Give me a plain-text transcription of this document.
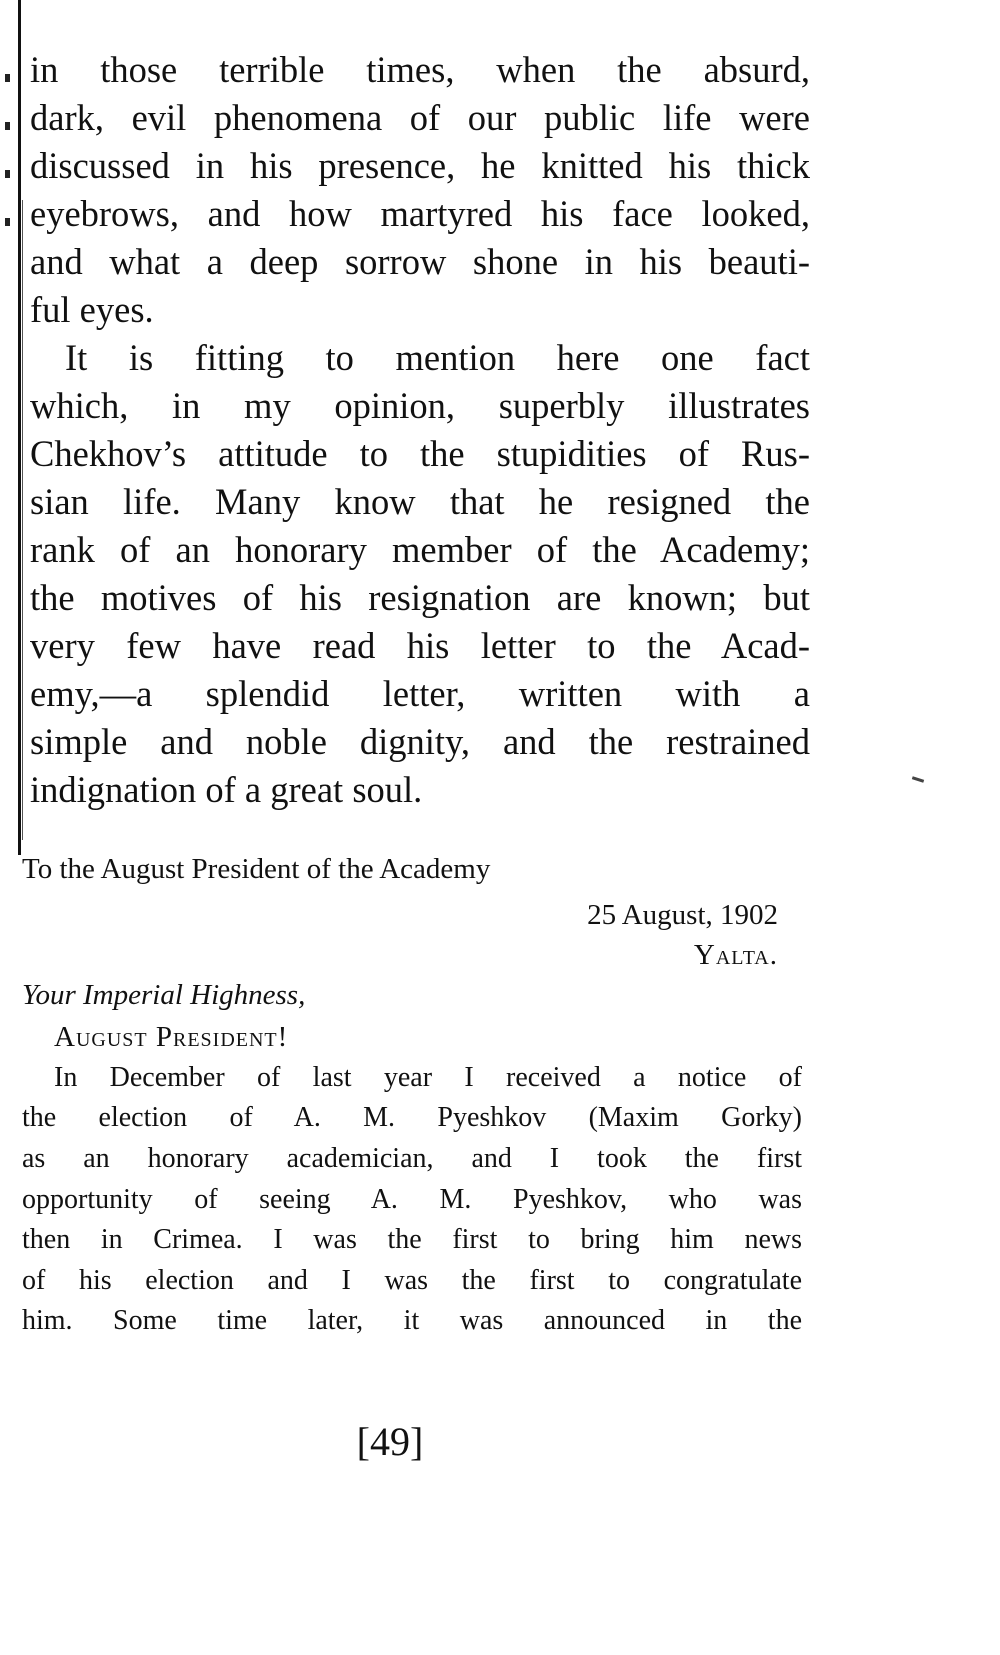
in those terrible times, when the absurd,
dark, evil phenomena of our public life were
discussed in his presence, he knitted his thick
eyebrows, and how martyred his face looked,
and what a deep sorrow shone in his beauti-
ful eyes.
It is fitting to mention here one fact
which, in my opinion, superbly illustrates
Chekhov’s attitude to the stupidities of Rus-
sian life. Many know that he resigned the
rank of an honorary member of the Academy;
the motives of his resignation are known; but
very few have read his letter to the Acad-
emy,—a splendid letter, written with a
simple and noble dignity, and the restrained
indignation of a great soul.
To the August President of the Academy
25 August, 1902
Yalta.
Your Imperial Highness,
August President!
In December of last year I received a notice of
the election of A. M. Pyeshkov (Maxim Gorky)
as an honorary academician, and I took the first
opportunity of seeing A. M. Pyeshkov, who was
then in Crimea. I was the first to bring him news
of his election and I was the first to congratulate
him. Some time later, it was announced in the
[49]
